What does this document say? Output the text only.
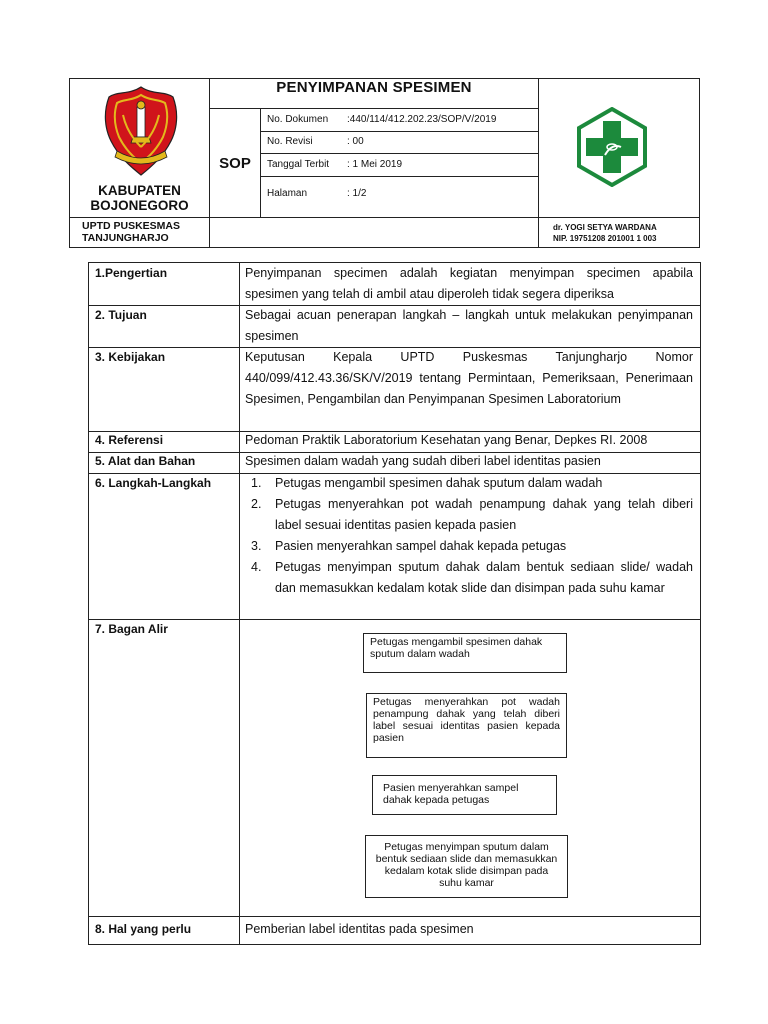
KABUPATEN
BOJONEGORO
PENYIMPANAN SPESIMEN
SOP
No. Dokumen :440/114/412.202.23/SOP/V/2019
No. Revisi	: 00
Tanggal Terbit : 1 Mei 2019
Halaman	: 1/2
UPTD PUSKESMAS
TANJUNGHARJO
dr. YOGI SETYA WARDANA
NIP. 19751208 201001 1 003
1.Pengertian	Penyimpanan specimen adalah kegiatan menyimpan specimen apabila spesimen yang telah di ambil atau diperoleh tidak segera diperiksa
2. Tujuan	Sebagai acuan penerapan langkah – langkah untuk melakukan penyimpanan spesimen
3. Kebijakan	Keputusan Kepala UPTD Puskesmas Tanjungharjo Nomor 440/099/412.43.36/SK/V/2019 tentang Permintaan, Pemeriksaan, Penerimaan Spesimen, Pengambilan dan Penyimpanan Spesimen Laboratorium
4. Referensi	Pedoman Praktik Laboratorium Kesehatan yang Benar, Depkes RI. 2008
5. Alat dan Bahan	Spesimen dalam wadah yang sudah diberi label identitas pasien
6. Langkah-Langkah	1. Petugas mengambil spesimen dahak sputum dalam wadah
2. Petugas menyerahkan pot wadah penampung dahak yang telah diberi label sesuai identitas pasien kepada pasien
3. Pasien menyerahkan sampel dahak kepada petugas
4. Petugas menyimpan sputum dahak dalam bentuk sediaan slide/ wadah dan memasukkan kedalam kotak slide dan disimpan pada suhu kamar
7. Bagan Alir
Petugas mengambil spesimen dahak sputum dalam wadah
Petugas menyerahkan pot wadah penampung dahak yang telah diberi label sesuai identitas pasien kepada pasien
Pasien menyerahkan sampel dahak kepada petugas
Petugas menyimpan sputum dalam bentuk sediaan slide dan memasukkan kedalam kotak slide disimpan pada suhu kamar
8. Hal yang perlu	Pemberian label identitas pada spesimen
